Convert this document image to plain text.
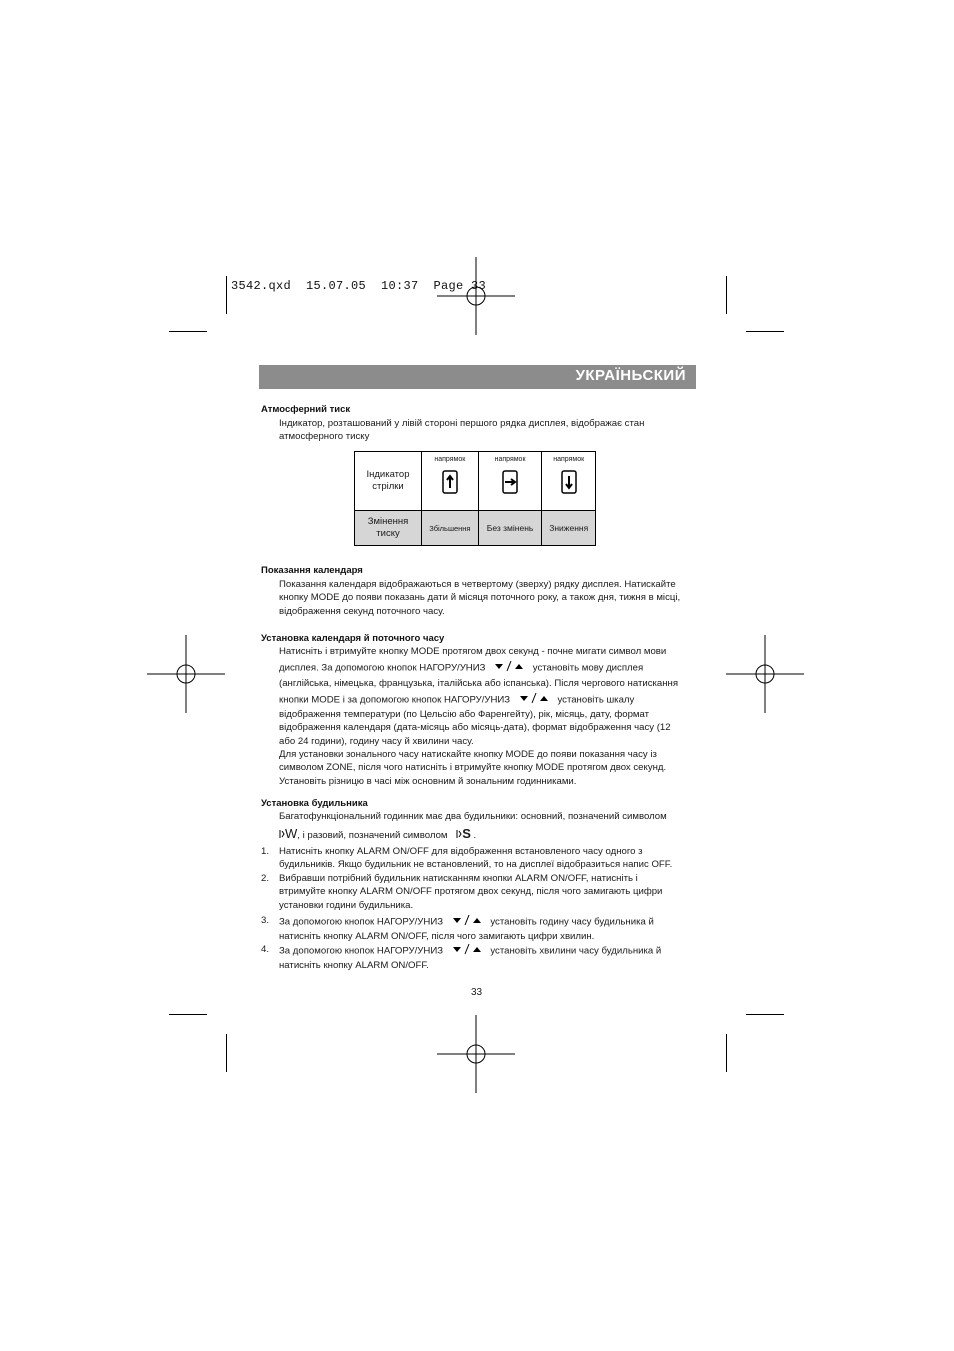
3542.qxd  15.07.05  10:37  Page 33
УКРАЇНЬСКИЙ
Атмосферний тиск

Індикатор, розташований у лівій стороні першого рядка дисплея, відображає стан

атмосферного тиску

Індикатор
стрілки	напрямок	напрямок	напрямок

Змінення
тиску	Збільшення	Без змінень	Зниження
Показання календаря

Показання календаря відображаються в четвертому (зверху) рядку дисплея. Натискайте

кнопку MODE до появи показань дати й місяця поточного року, а також дня, тижня в місці,

відображення секунд поточного часу.

Установка календаря й поточного часу

Натисніть і втримуйте кнопку MODE протягом двох секунд - почне мигати символ мови

дисплея. За допомогою кнопок НАГОРУ/УНИЗ	установіть мову дисплея

(англійська, німецька, французька, італійська або іспанська). Після чергового натискання

кнопки MODE і за допомогою кнопок НАГОРУ/УНИЗ	установіть шкалу

відображення температури (по Цельсію або Фаренгейту), рік, місяць, дату, формат

відображення календаря (дата-місяць або місяць-дата), формат відображення часу (12

або 24 години), годину часу й хвилини часу.

Для установки зонального часу натискайте кнопку MODE до появи показання часу із

символом ZONE, після чого натисніть і втримуйте кнопку MODE протягом двох секунд.

Установіть різницю в часі між основним й зональним годинниками.

Установка будильника

Багатофункціональний годинник має два будильники: основний, позначений символом

W, і разовий, позначений символом S .

1. Натисніть кнопку ALARM ON/OFF для відображення встановленого часу одного з

будильників. Якщо будильник не встановлений, то на дисплеї відобразиться напис OFF.

2. Вибравши потрібний будильник натисканням кнопки ALARM ON/OFF, натисніть і

втримуйте кнопку ALARM ON/OFF протягом двох секунд, після чого замигають цифри

установки години будильника.

3. За допомогою кнопок НАГОРУ/УНИЗ	установіть годину часу будильника й

натисніть кнопку ALARM ON/OFF, після чого замигають цифри хвилин.

4. За допомогою кнопок НАГОРУ/УНИЗ	установіть хвилини часу будильника й

натисніть кнопку ALARM ON/OFF.

33
